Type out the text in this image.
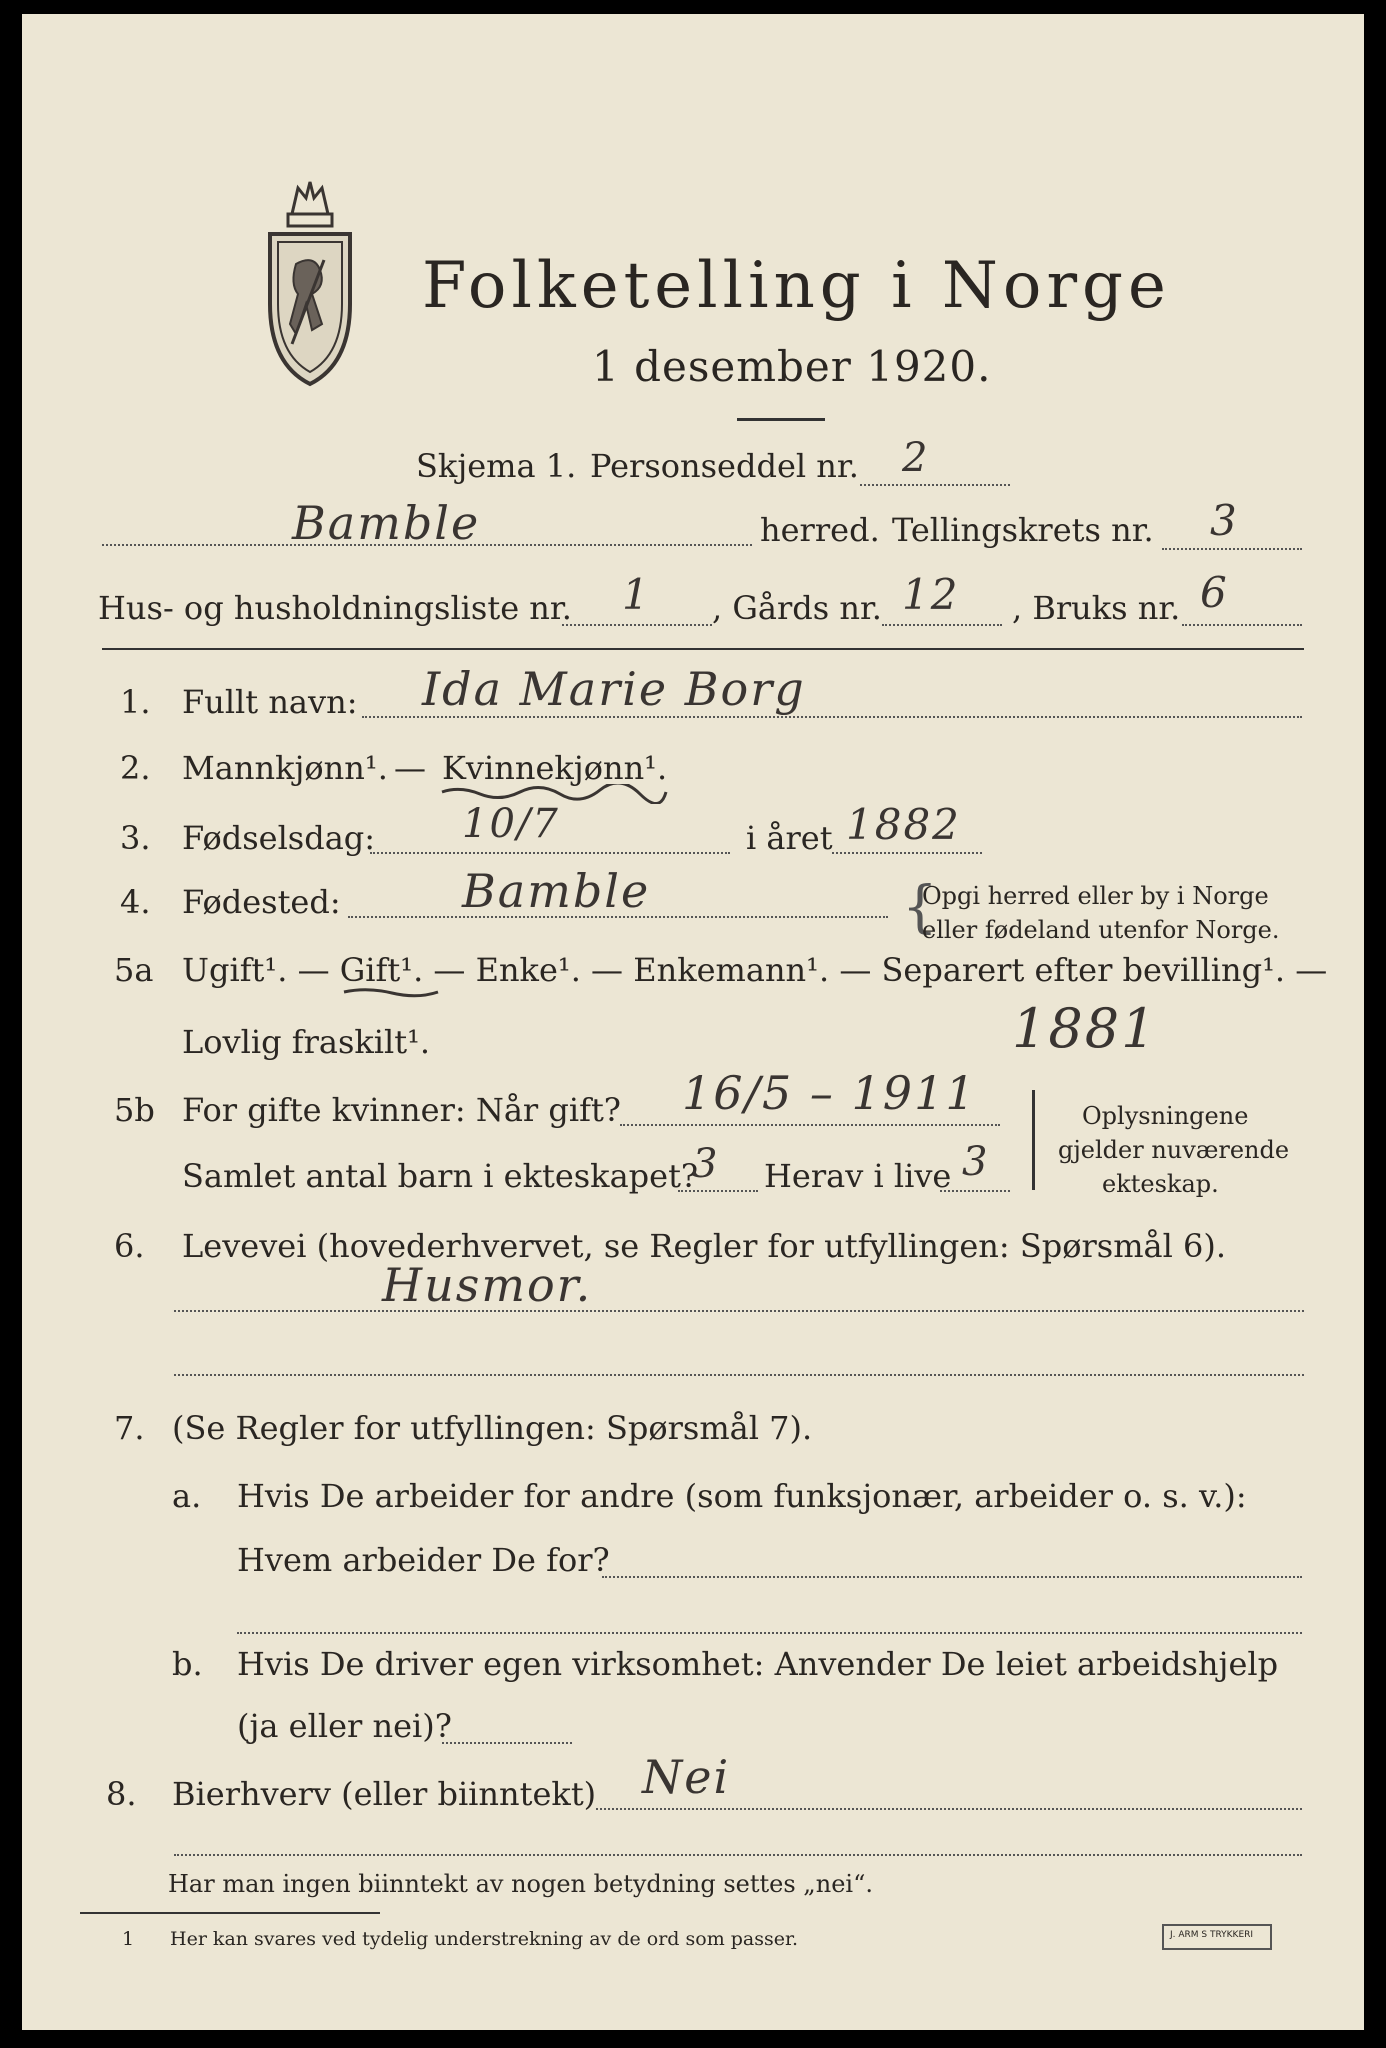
Folketelling i Norge
1 desember 1920.
Skjema 1. Personseddel nr. 2
Bamble	herred. Tellingskrets nr. 3
Hus- og husholdningsliste nr. 1 , Gårds nr. 12 , Bruks nr. 6
1. Fullt navn: Ida Marie Borg
2. Mannkjønn¹. — Kvinnekjønn¹.
3. Fødselsdag: 10/7	i året 1882
4. Fødested:	Bamble	{
Opgi herred eller by i Norge
eller fødeland utenfor Norge.
5a Ugift¹. — Gift¹. — Enke¹. — Enkemann¹. — Separert efter bevilling¹. —
Lovlig fraskilt¹.	1881
5b For gifte kvinner: Når gift? 16/5 – 1911
Samlet antal barn i ekteskapet?
3 Herav i live 3
Oplysningene
gjelder nuværende
ekteskap.
6. Levevei (hovederhvervet, se Regler for utfyllingen: Spørsmål 6).
Husmor.
7. (Se Regler for utfyllingen: Spørsmål 7).
a. Hvis De arbeider for andre (som funksjonær, arbeider o. s. v.):
Hvem arbeider De for?
b. Hvis De driver egen virksomhet: Anvender De leiet arbeidshjelp
(ja eller nei)?
8. Bierhverv (eller biinntekt) Nei
Har man ingen biinntekt av nogen betydning settes „nei“.
1 Her kan svares ved tydelig understrekning av de ord som passer.	J. ARM S TRYKKERI
